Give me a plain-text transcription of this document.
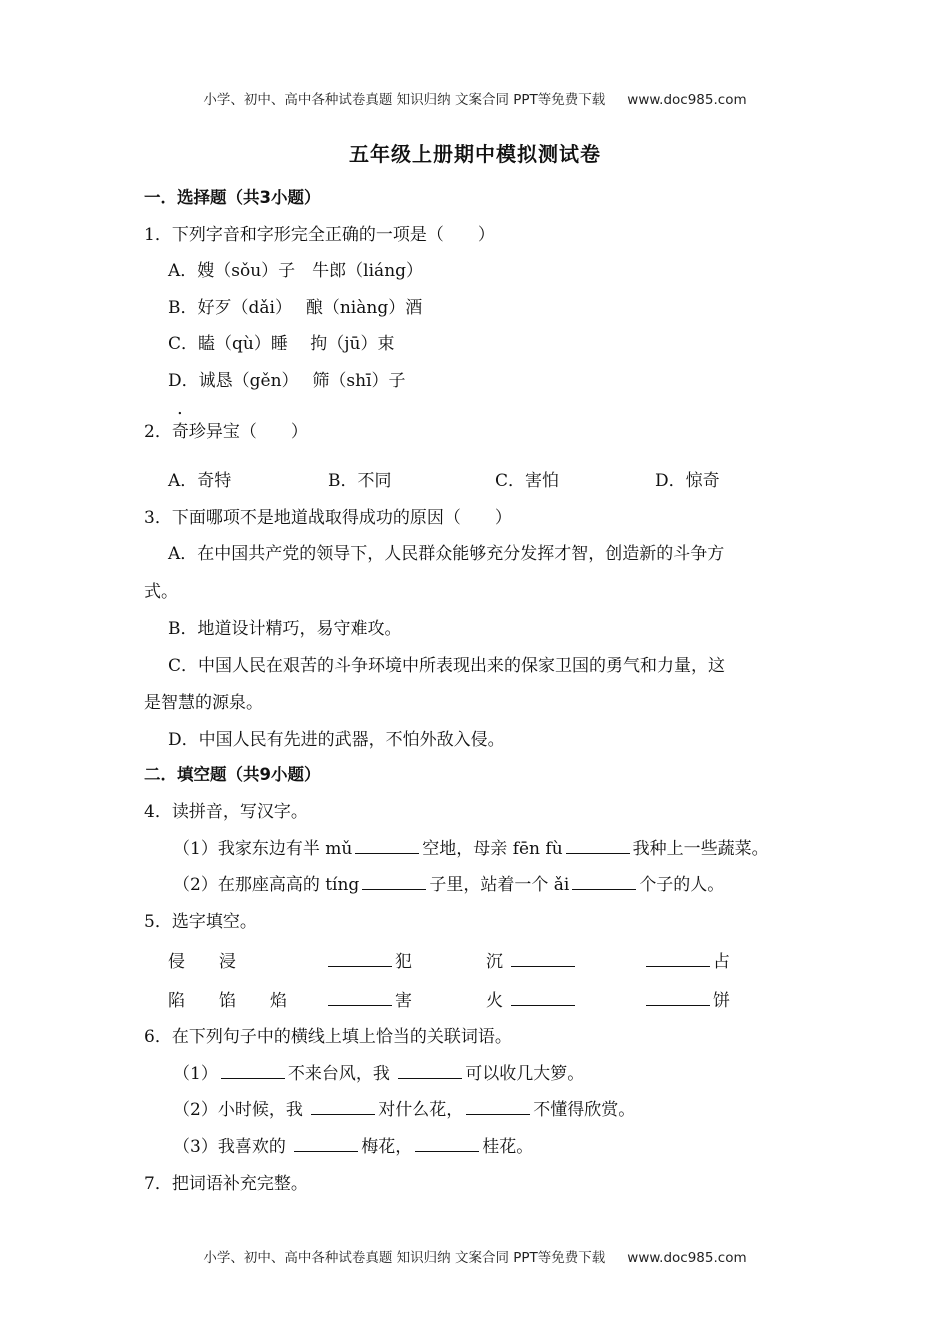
小学、初中、高中各种试卷真题 知识归纳 文案合同 PPT等免费下载 www.doc985.com
五年级上册期中模拟测试卷
一．选择题（共3小题）
1．下列字音和字形完全正确的一项是（　　）
A．嫂（sǒu）子　牛郎（liáng）
B．好歹（dǎi）　 酿（niàng）酒
C．瞌（qù）睡　 拘（jū）束
D．诚恳（gěn）　 筛（shī）子
.
2．奇珍异宝（　　）
A．奇特	B．不同	C．害怕	D．惊奇
3．下面哪项不是地道战取得成功的原因（　　）
A．在中国共产党的领导下，人民群众能够充分发挥才智，创造新的斗争方
式。
B．地道设计精巧，易守难攻。
C．中国人民在艰苦的斗争环境中所表现出来的保家卫国的勇气和力量，这
是智慧的源泉。
D．中国人民有先进的武器，不怕外敌入侵。
二．填空题（共9小题）
4．读拼音，写汉字。
（1）我家东边有半 mǔ	空地，母亲 fēn fù	我种上一些蔬菜。
（2）在那座高高的 tíng	子里，站着一个 ǎi	个子的人。
5．选字填空。
侵　　浸	犯	沉	占
陷　　馅　　焰	害	火	饼
6．在下列句子中的横线上填上恰当的关联词语。
（1）	不来台风，我	可以收几大箩。
（2）小时候，我	对什么花，	不懂得欣赏。
（3）我喜欢的	梅花，	桂花。
7．把词语补充完整。
小学、初中、高中各种试卷真题 知识归纳 文案合同 PPT等免费下载 www.doc985.com
